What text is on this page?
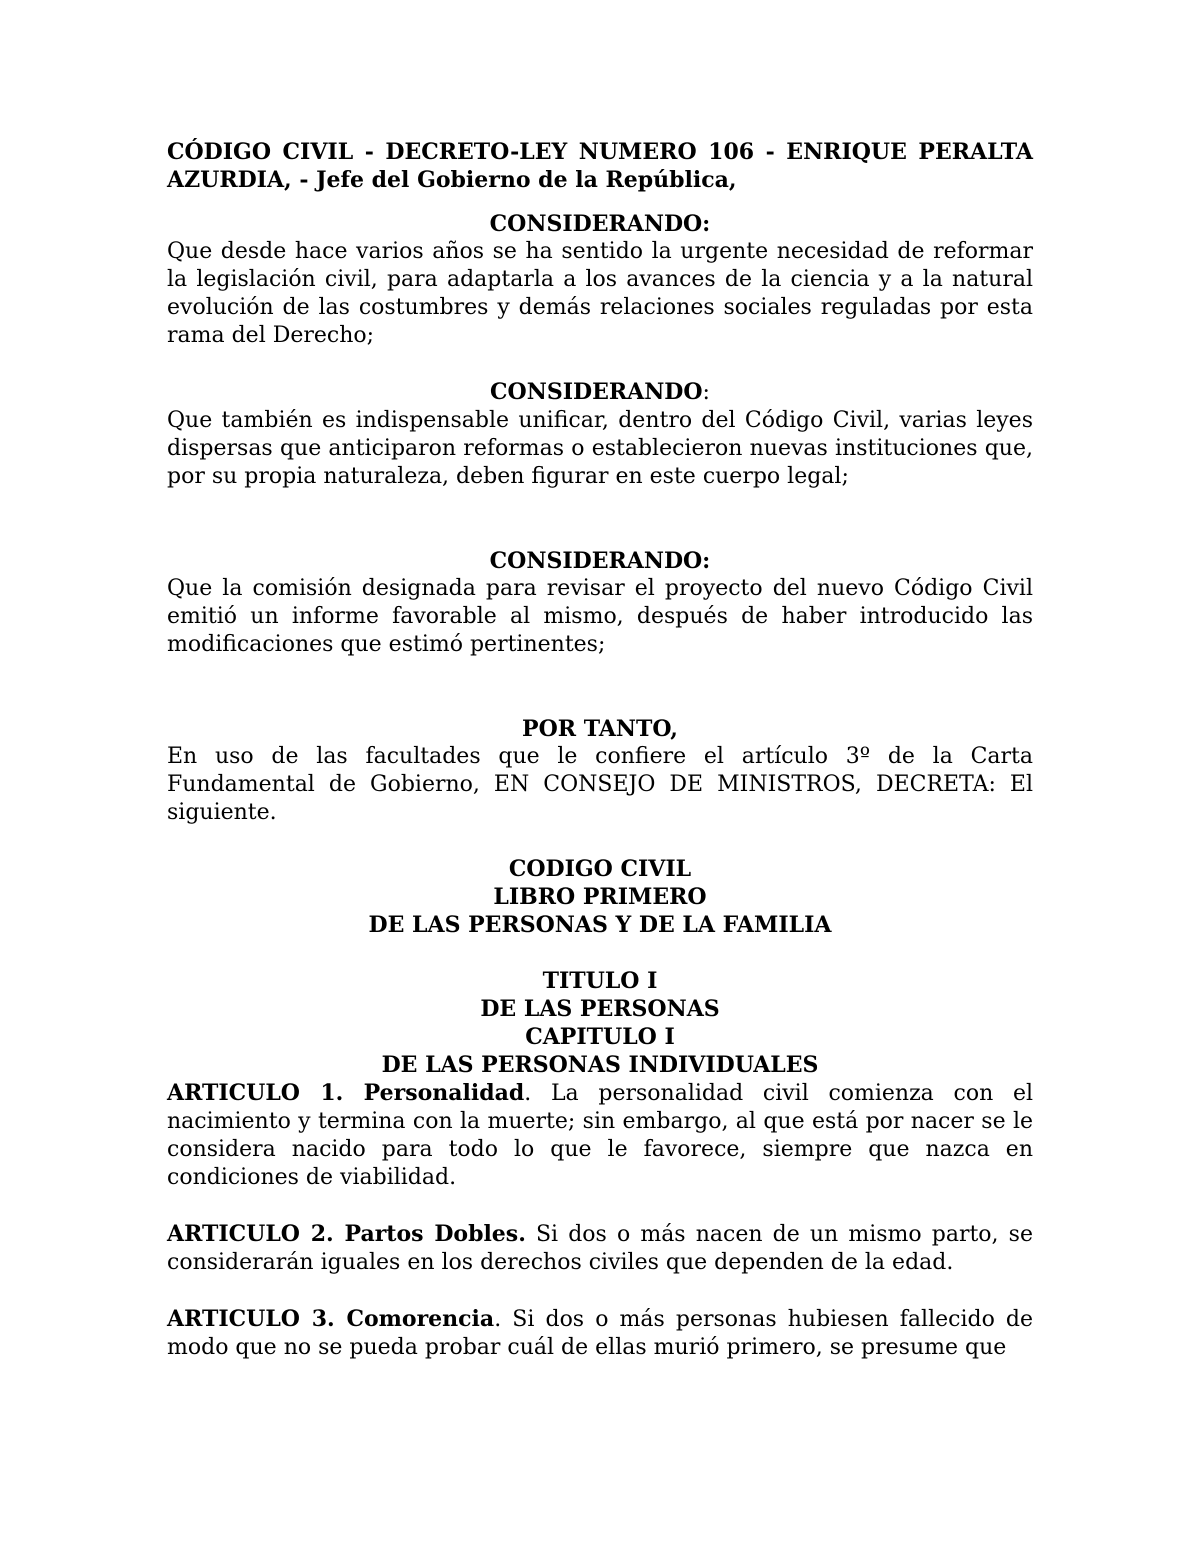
CÓDIGO CIVIL - DECRETO-LEY NUMERO 106 - ENRIQUE PERALTA

AZURDIA, - Jefe del Gobierno de la República,

CONSIDERANDO:

Que desde hace varios años se ha sentido la urgente necesidad de reformar la legislación civil, para adaptarla a los avances de la ciencia y a la natural evolución de las costumbres y demás relaciones sociales reguladas por esta rama del Derecho;

CONSIDERANDO:

Que también es indispensable unificar, dentro del Código Civil, varias leyes dispersas que anticiparon reformas o establecieron nuevas instituciones que, por su propia naturaleza, deben figurar en este cuerpo legal;

CONSIDERANDO:

Que la comisión designada para revisar el proyecto del nuevo Código Civil emitió un informe favorable al mismo, después de haber introducido las modificaciones que estimó pertinentes;

POR TANTO,

En uso de las facultades que le confiere el artículo 3º de la Carta Fundamental de Gobierno, EN CONSEJO DE MINISTROS, DECRETA: El siguiente.

CODIGO CIVIL

LIBRO PRIMERO

DE LAS PERSONAS Y DE LA FAMILIA

TITULO I

DE LAS PERSONAS

CAPITULO I

DE LAS PERSONAS INDIVIDUALES

ARTICULO 1. Personalidad. La personalidad civil comienza con el nacimiento y termina con la muerte; sin embargo, al que está por nacer se le considera nacido para todo lo que le favorece, siempre que nazca en condiciones de viabilidad.

ARTICULO 2. Partos Dobles. Si dos o más nacen de un mismo parto, se considerarán iguales en los derechos civiles que dependen de la edad.

ARTICULO 3. Comorencia. Si dos o más personas hubiesen fallecido de modo que no se pueda probar cuál de ellas murió primero, se presume que
